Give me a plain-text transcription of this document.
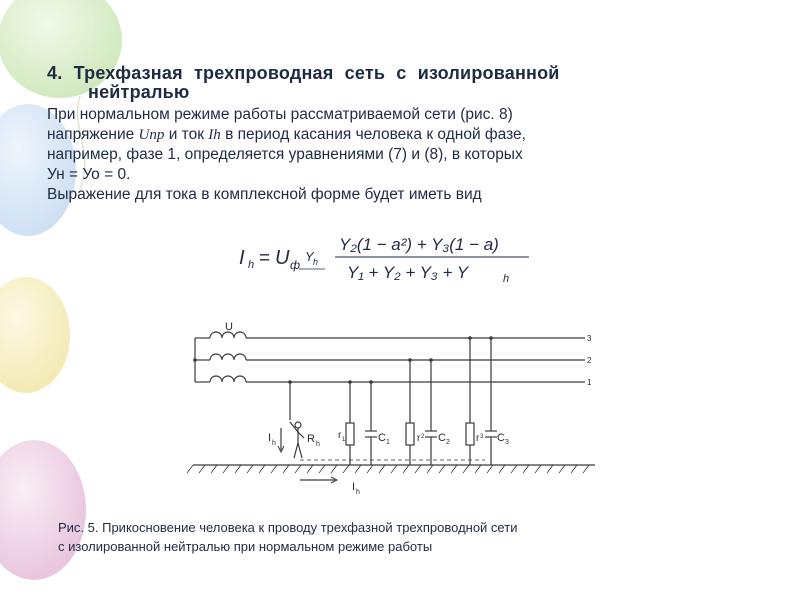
4. Трехфазная трехпроводная сеть с изолированной
нейтралью

При нормальном режиме работы рассматриваемой сети (рис. 8)
напряжение Uпр и ток Ih в период касания человека к одной фазе,
например, фазе 1, определяется уравнениями (7) и (8), в которых

Ун = Уо = 0.

Выражение для тока в комплексной форме будет иметь вид

I h = U ф
Y h
Y₂(1 − a²) + Y₃(1 − a)
Y₁ + Y₂ + Y₃ + Y	h
U
3
2
1
I h	R h
r 1	C 1	r 2 C 2	r 3 C 3
I h

Рис. 5. Прикосновение человека к проводу трехфазной трехпроводной сети
с изолированной нейтралью при нормальном режиме работы
